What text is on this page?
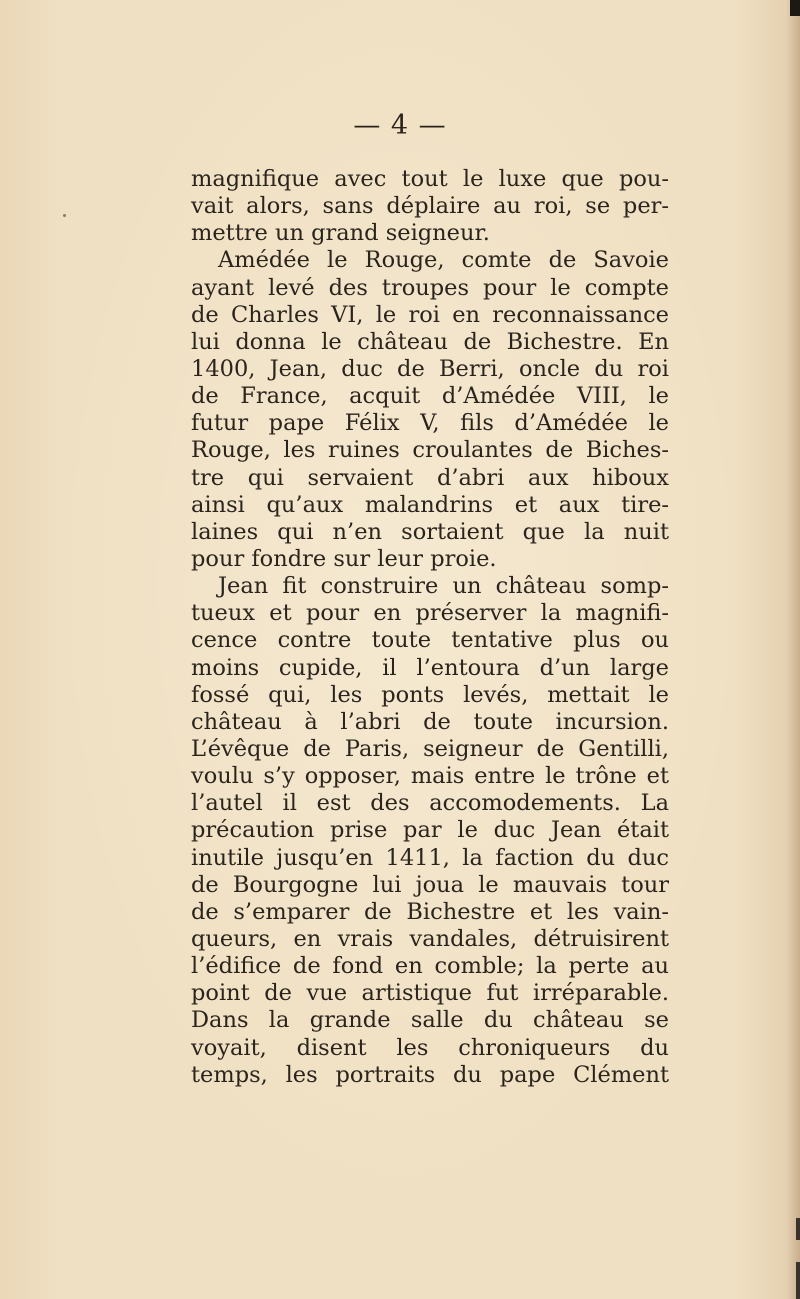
— 4 —
magnifique avec tout le luxe que pou-
vait alors, sans déplaire au roi, se per-
mettre un grand seigneur.
Amédée le Rouge, comte de Savoie
ayant levé des troupes pour le compte
de Charles VI, le roi en reconnaissance
lui donna le château de Bichestre. En
1400, Jean, duc de Berri, oncle du roi
de France, acquit d’Amédée VIII, le
futur pape Félix V, fils d’Amédée le
Rouge, les ruines croulantes de Biches-
tre qui servaient d’abri aux hiboux
ainsi qu’aux malandrins et aux tire-
laines qui n’en sortaient que la nuit
pour fondre sur leur proie.
Jean fit construire un château somp-
tueux et pour en préserver la magnifi-
cence contre toute tentative plus ou
moins cupide, il l’entoura d’un large
fossé qui, les ponts levés, mettait le
château à l’abri de toute incursion.
L’évêque de Paris, seigneur de Gentilli,
voulu s’y opposer, mais entre le trône et
l’autel il est des accomodements. La
précaution prise par le duc Jean était
inutile jusqu’en 1411, la faction du duc
de Bourgogne lui joua le mauvais tour
de s’emparer de Bichestre et les vain-
queurs, en vrais vandales, détruisirent
l’édifice de fond en comble; la perte au
point de vue artistique fut irréparable.
Dans la grande salle du château se
voyait, disent les chroniqueurs du
temps, les portraits du pape Clément
